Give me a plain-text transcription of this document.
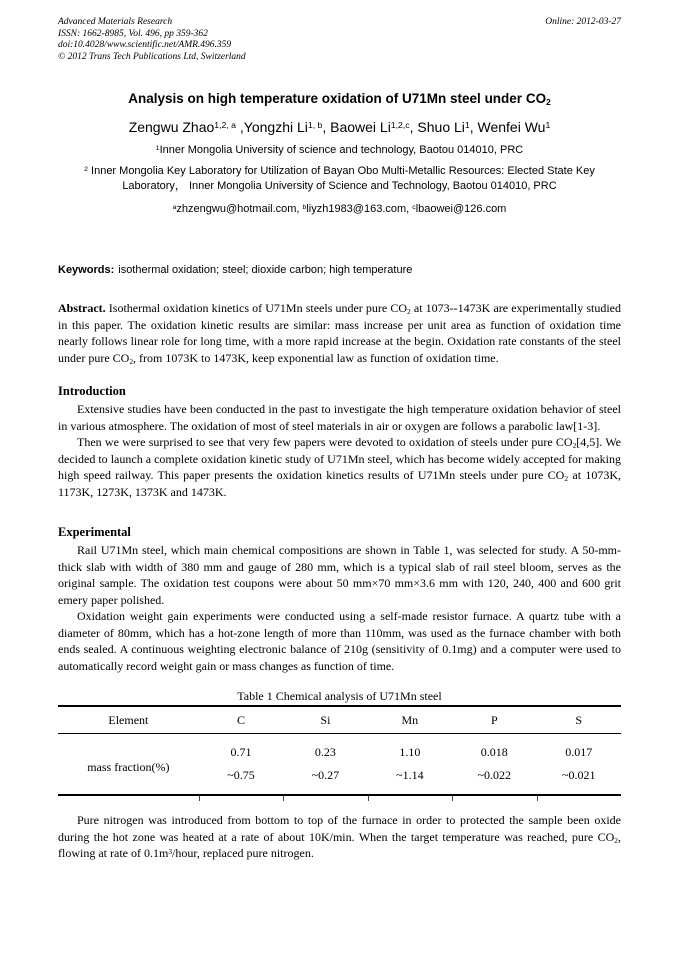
Advanced Materials Research
ISSN: 1662-8985, Vol. 496, pp 359-362
doi:10.4028/www.scientific.net/AMR.496.359
© 2012 Trans Tech Publications Ltd, Switzerland
Online: 2012-03-27
Analysis on high temperature oxidation of U71Mn steel under $CO_2$
Zengwu Zhao$^{1,2, a}$ ,Yongzhi Li$^{1, b}$, Baowei Li$^{1,2,c}$, Shuo Li$^1$, Wenfei Wu$^1$
$^1$Inner Mongolia University of science and technology, Baotou 014010, PRC
$^2$ Inner Mongolia Key Laboratory for Utilization of Bayan Obo Multi-Metallic Resources: Elected State Key Laboratory， Inner Mongolia University of Science and Technology, Baotou 014010, PRC
$^a$zhzengwu@hotmail.com, $^b$liyzh1983@163.com, $^c$lbaowei@126.com
Keywords: isothermal oxidation; steel; dioxide carbon; high temperature

Abstract. Isothermal oxidation kinetics of U71Mn steels under pure $CO_2$ at 1073--1473K are experimentally studied in this paper. The oxidation kinetic results are similar: mass increase per unit area as function of oxidation time nearly follows linear role for long time, with a more rapid increase at the begin. Oxidation rate constants of the steel under pure $CO_2$, from 1073K to 1473K, keep exponential law as function of oxidation time.

Introduction

Extensive studies have been conducted in the past to investigate the high temperature oxidation behavior of steel in various atmosphere. The oxidation of most of steel materials in air or oxygen are follows a parabolic law[1-3].

Then we were surprised to see that very few papers were devoted to oxidation of steels under pure $CO_2[4,5]$. We decided to launch a complete oxidation kinetic study of U71Mn steel, which has become widely accepted for making high speed railway. This paper presents the oxidation kinetics results of U71Mn steels under pure $CO_2$ at 1073K, 1173K, 1273K, 1373K and 1473K.

Experimental

Rail U71Mn steel, which main chemical compositions are shown in Table 1, was selected for study. A 50-mm-thick slab with width of 380 mm and gauge of 280 mm, which is a typical slab of rail steel bloom, serves as the original sample. The oxidation test coupons were about 50 mm×70 mm×3.6 mm with 120, 240, 400 and 600 grit emery paper polished.

Oxidation weight gain experiments were conducted using a self-made resistor furnace. A quartz tube with a diameter of 80mm, which has a hot-zone length of more than 110mm, was used as the furnace chamber with both ends sealed. A continuous weighting electronic balance of 210g (sensitivity of 0.1mg) and a computer were used to automatically record weight gain or mass changes as function of time.

Table 1 Chemical analysis of U71Mn steel
Element	C	Si	Mn	P	S
mass fraction(%)	0.71	0.23	1.10	0.018	0.017
	~0.75	~0.27	~1.14	~0.022	~0.021

Pure nitrogen was introduced from bottom to top of the furnace in order to protected the sample been oxide during the hot zone was heated at a rate of about 10K/min. When the target temperature was reached, pure $CO_2$, flowing at rate of $0.1m^3$/hour, replaced pure nitrogen.
